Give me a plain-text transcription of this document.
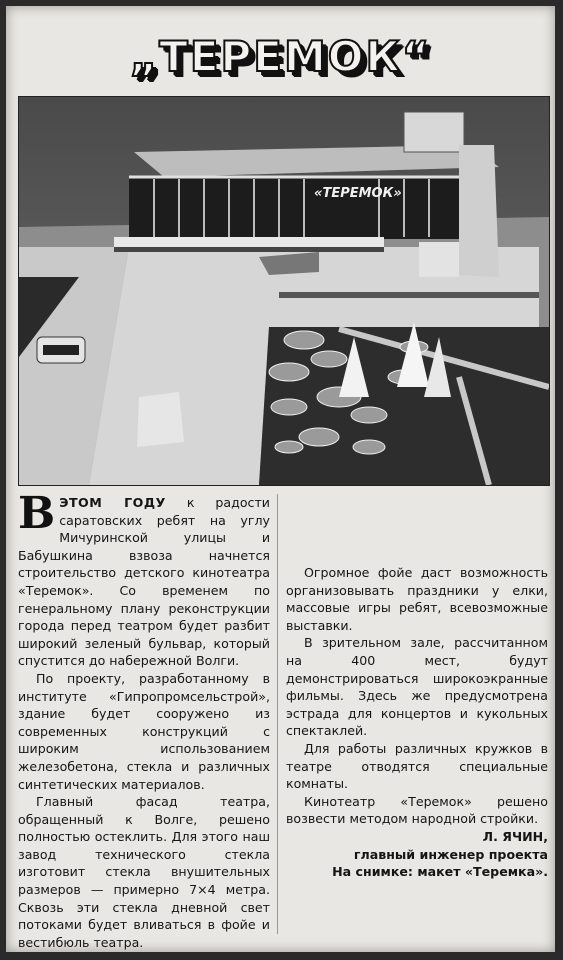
„ТЕРЕМОК“
«ТЕРЕМОК»

ВЭТОМ ГОДУ к радости саратовских ребят на углу Мичуринской улицы и Бабушкина взвоза начнется строительство детского кинотеатра «Теремок». Со временем по генеральному плану реконструкции города перед театром будет разбит широкий зеленый бульвар, который спустится до набережной Волги.

По проекту, разработанному в институте «Гипропромсельстрой», здание будет сооружено из современных конструкций с широким использованием железобетона, стекла и различных синтетических материалов.

Главный фасад театра, обращенный к Волге, решено полностью остеклить. Для этого наш завод технического стекла изготовит стекла внушительных размеров — примерно 7×4 метра. Сквозь эти стекла дневной свет потоками будет вливаться в фойе и вестибюль театра.

Огромное фойе даст возможность организовывать праздники у елки, массовые игры ребят, всевозможные выставки.

В зрительном зале, рассчитанном на 400 мест, будут демонстрироваться широкоэкранные фильмы. Здесь же предусмотрена эстрада для концертов и кукольных спектаклей.

Для работы различных кружков в театре отводятся специальные комнаты.

Кинотеатр «Теремок» решено возвести методом народной стройки.

Л. ЯЧИН,

главный инженер проекта

На снимке: макет «Теремка».
